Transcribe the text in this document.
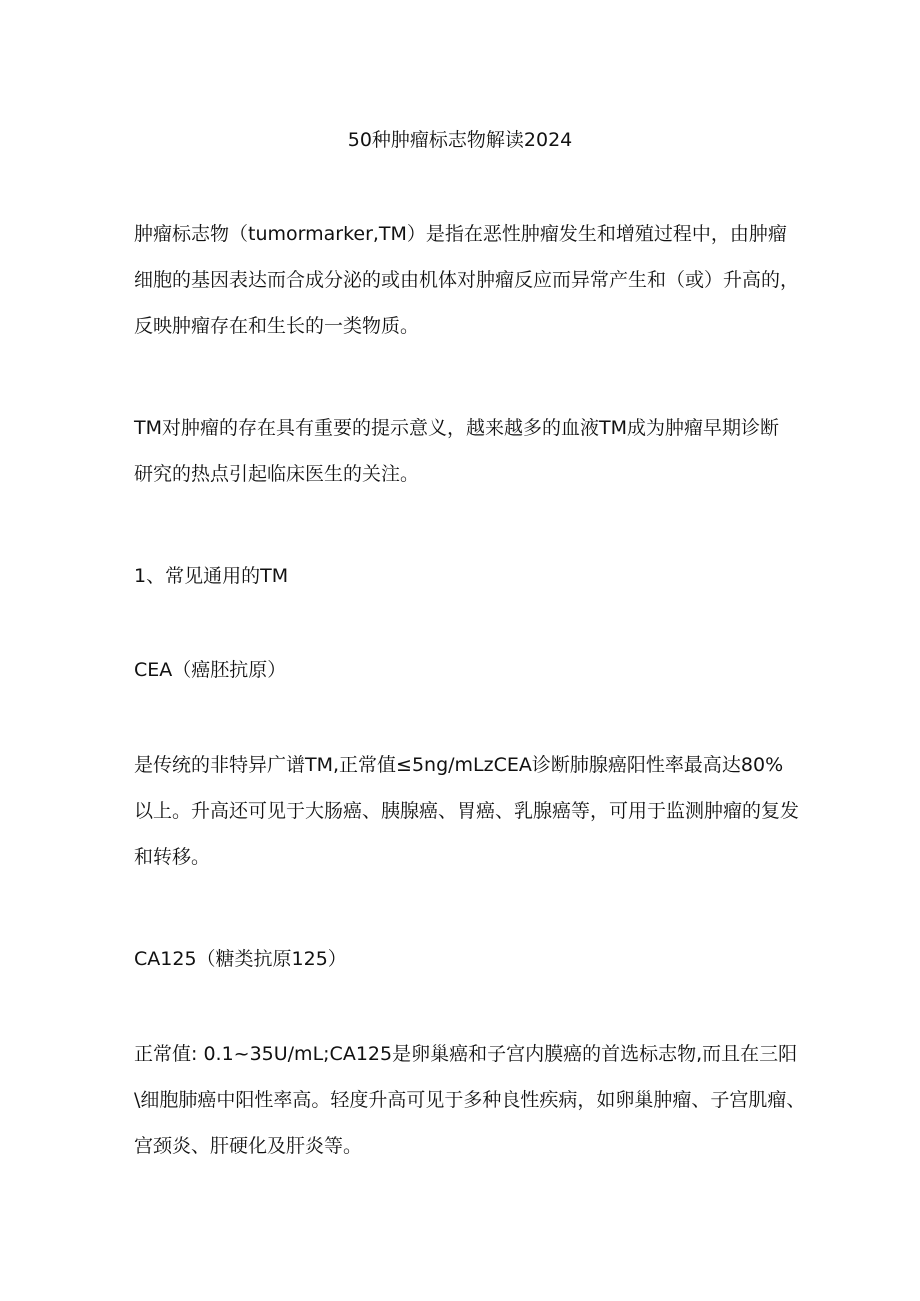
50种肿瘤标志物解读2024
肿瘤标志物（tumormarker,TM）是指在恶性肿瘤发生和增殖过程中，由肿瘤
细胞的基因表达而合成分泌的或由机体对肿瘤反应而异常产生和（或）升高的，
反映肿瘤存在和生长的一类物质。
TM对肿瘤的存在具有重要的提示意义，越来越多的血液TM成为肿瘤早期诊断
研究的热点引起临床医生的关注。
1、常见通用的TM
CEA（癌胚抗原）
是传统的非特异广谱TM,正常值≤5ng/mLzCEA诊断肺腺癌阳性率最高达80%
以上。升高还可见于大肠癌、胰腺癌、胃癌、乳腺癌等，可用于监测肿瘤的复发
和转移。
CA125（糖类抗原125）
正常值: 0.1~35U/mL;CA125是卵巢癌和子宫内膜癌的首选标志物,而且在三阳
\细胞肺癌中阳性率高。轻度升高可见于多种良性疾病，如卵巢肿瘤、子宫肌瘤、
宫颈炎、肝硬化及肝炎等。
